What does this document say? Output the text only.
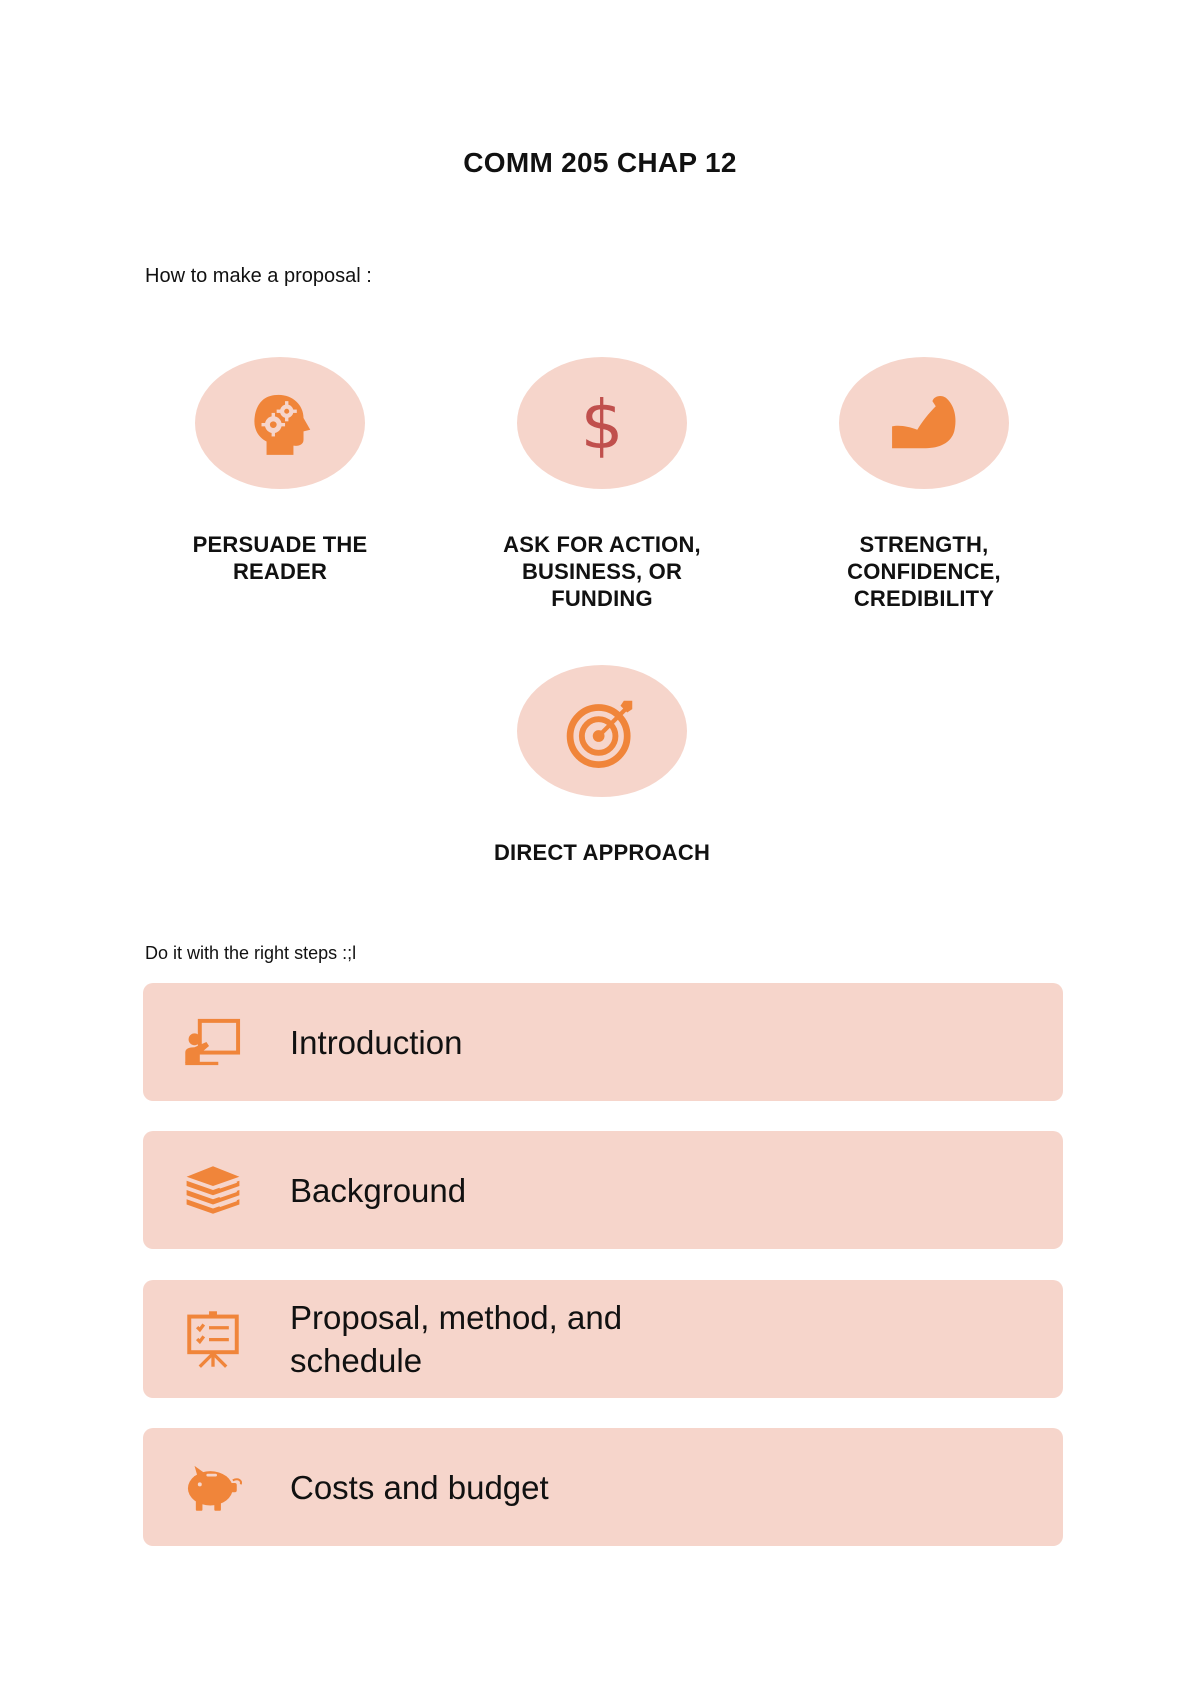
COMM 205 CHAP 12
How to make a proposal :
PERSUADE THE READER
$
ASK FOR ACTION, BUSINESS, OR FUNDING
STRENGTH, CONFIDENCE, CREDIBILITY
DIRECT APPROACH
Do it with the right steps :;l
Introduction
Background
Proposal, method, and schedule
Costs and budget
